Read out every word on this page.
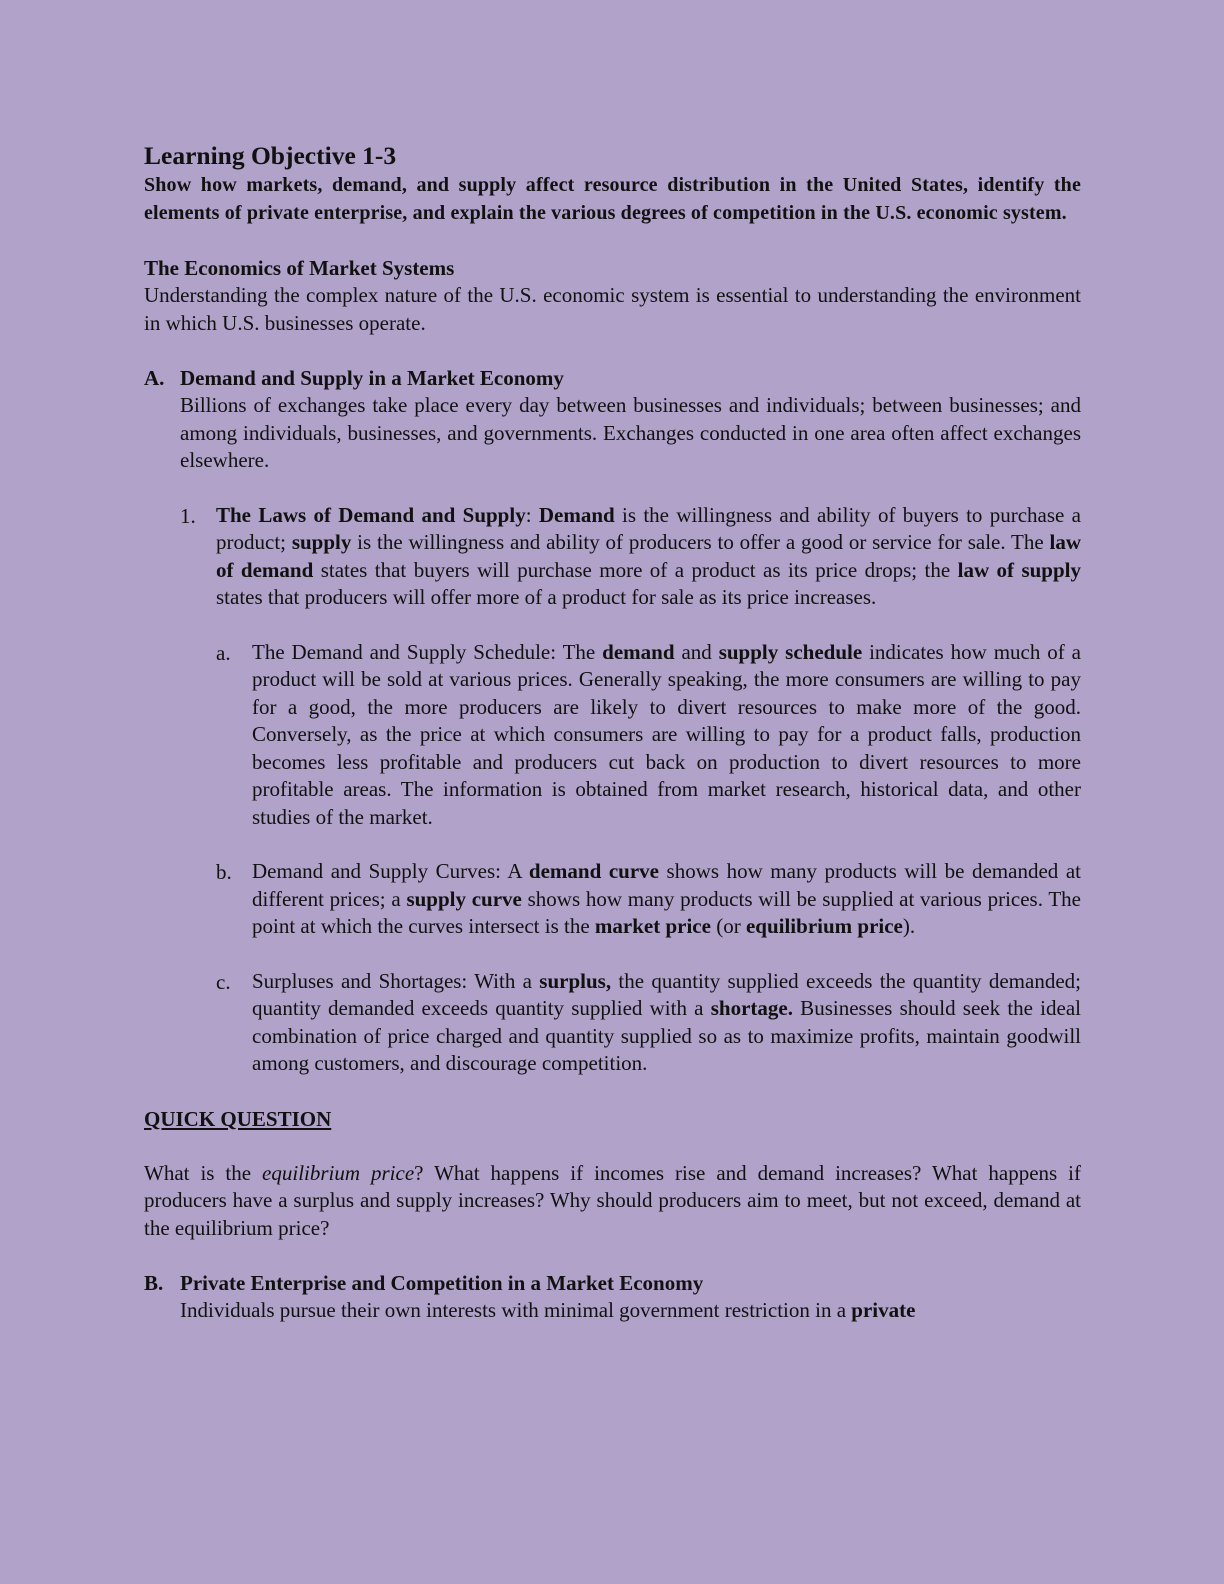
Learning Objective 1-3

Show how markets, demand, and supply affect resource distribution in the United States, identify the elements of private enterprise, and explain the various degrees of competition in the U.S. economic system.

The Economics of Market Systems

Understanding the complex nature of the U.S. economic system is essential to understanding the environment in which U.S. businesses operate.

A. Demand and Supply in a Market Economy

Billions of exchanges take place every day between businesses and individuals; between businesses; and among individuals, businesses, and governments. Exchanges conducted in one area often affect exchanges elsewhere.

1. The Laws of Demand and Supply: Demand is the willingness and ability of buyers to purchase a product; supply is the willingness and ability of producers to offer a good or service for sale. The law of demand states that buyers will purchase more of a product as its price drops; the law of supply states that producers will offer more of a product for sale as its price increases.

a. The Demand and Supply Schedule: The demand and supply schedule indicates how much of a product will be sold at various prices. Generally speaking, the more consumers are willing to pay for a good, the more producers are likely to divert resources to make more of the good. Conversely, as the price at which consumers are willing to pay for a product falls, production becomes less profitable and producers cut back on production to divert resources to more profitable areas. The information is obtained from market research, historical data, and other studies of the market.

b. Demand and Supply Curves: A demand curve shows how many products will be demanded at different prices; a supply curve shows how many products will be supplied at various prices. The point at which the curves intersect is the market price (or equilibrium price).

c. Surpluses and Shortages: With a surplus, the quantity supplied exceeds the quantity demanded; quantity demanded exceeds quantity supplied with a shortage. Businesses should seek the ideal combination of price charged and quantity supplied so as to maximize profits, maintain goodwill among customers, and discourage competition.

QUICK QUESTION

What is the equilibrium price? What happens if incomes rise and demand increases? What happens if producers have a surplus and supply increases? Why should producers aim to meet, but not exceed, demand at the equilibrium price?

B. Private Enterprise and Competition in a Market Economy

Individuals pursue their own interests with minimal government restriction in a private
